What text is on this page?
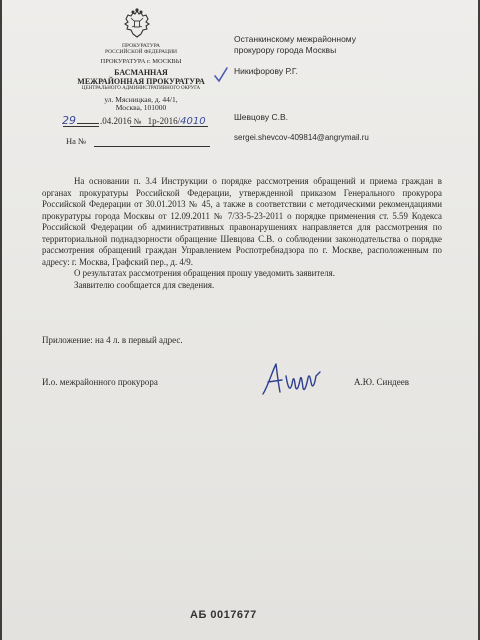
ПРОКУРАТУРА
РОССИЙСКОЙ ФЕДЕРАЦИИ
ПРОКУРАТУРА г. МОСКВЫ
БАСМАННАЯ
МЕЖРАЙОННАЯ ПРОКУРАТУРА
ЦЕНТРАЛЬНОГО АДМИНИСТРАТИВНОГО ОКРУГА
ул. Мясницкая, д. 44/1,
Москва, 101000
29	.04.2016 № 1р-2016/4010
На №
Останкинскому межрайонному
прокурору города Москвы
Никифорову Р.Г.
Шевцову С.В.
sergei.shevcov-409814@angrymail.ru

На основании п. 3.4 Инструкции о порядке рассмотрения обращений и приема граждан в органах прокуратуры Российской Федерации, утвержденной приказом Генерального прокурора Российской Федерации от 30.01.2013 № 45, а также в соответствии с методическими рекомендациями прокуратуры города Москвы от 12.09.2011 № 7/33-5-23-2011 о порядке применения ст. 5.59 Кодекса Российской Федерации об административных правонарушениях направляется для рассмотрения по территориальной поднадзорности обращение Шевцова С.В. о соблюдении законодательства о порядке рассмотрения обращений граждан Управлением Роспотребнадзора по г. Москве, расположенным по адресу: г. Москва, Графский пер., д. 4/9.

О результатах рассмотрения обращения прошу уведомить заявителя.

Заявителю сообщается для сведения.

Приложение: на 4 л. в первый адрес.
И.о. межрайонного прокурора	А.Ю. Синдеев
АБ 0017677
